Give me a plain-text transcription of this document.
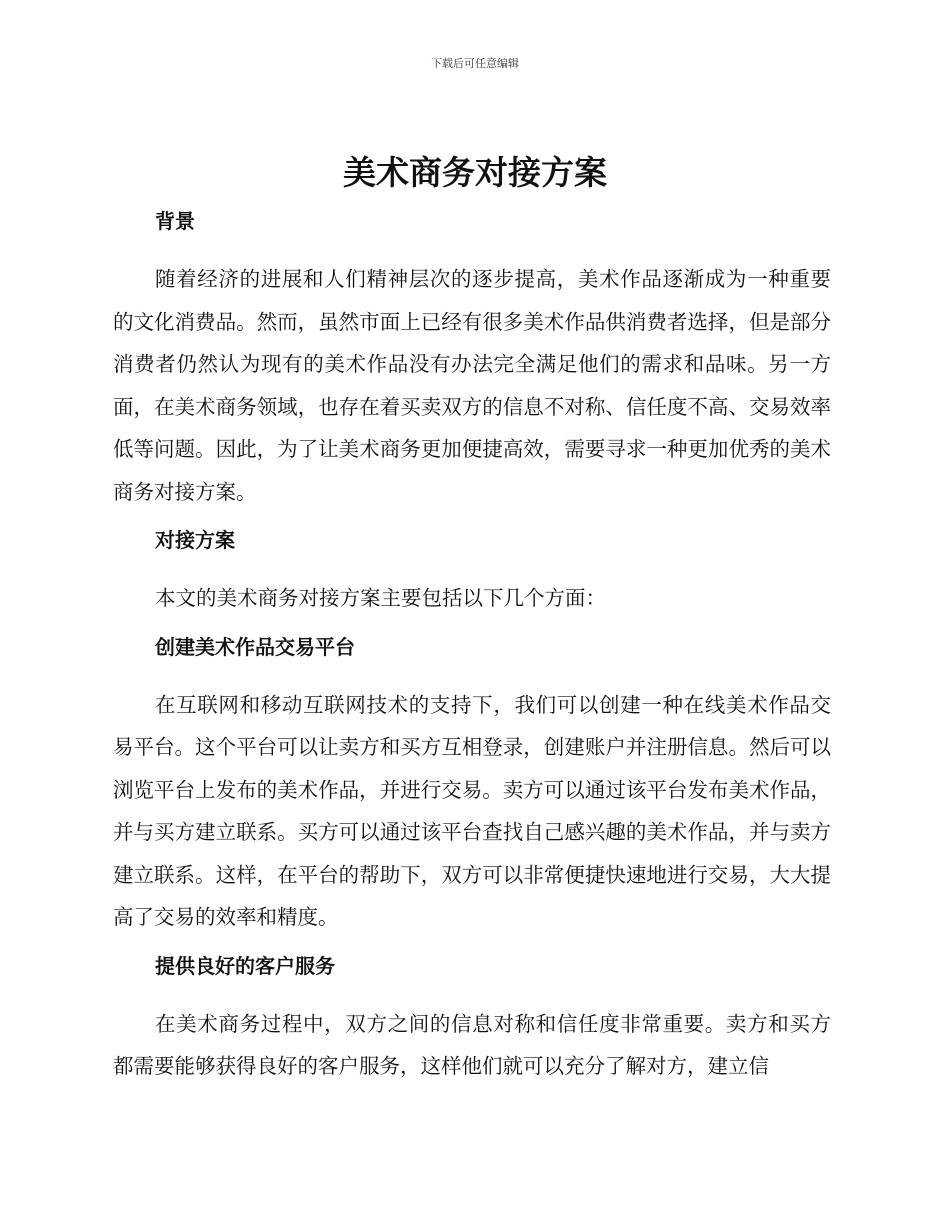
下载后可任意编辑
美术商务对接方案
背景

随着经济的进展和人们精神层次的逐步提高，美术作品逐渐成为一种重要的文化消费品。然而，虽然市面上已经有很多美术作品供消费者选择，但是部分消费者仍然认为现有的美术作品没有办法完全满足他们的需求和品味。另一方面，在美术商务领域，也存在着买卖双方的信息不对称、信任度不高、交易效率低等问题。因此，为了让美术商务更加便捷高效，需要寻求一种更加优秀的美术商务对接方案。

对接方案

本文的美术商务对接方案主要包括以下几个方面：

创建美术作品交易平台

在互联网和移动互联网技术的支持下，我们可以创建一种在线美术作品交易平台。这个平台可以让卖方和买方互相登录，创建账户并注册信息。然后可以浏览平台上发布的美术作品，并进行交易。卖方可以通过该平台发布美术作品，并与买方建立联系。买方可以通过该平台查找自己感兴趣的美术作品，并与卖方建立联系。这样，在平台的帮助下，双方可以非常便捷快速地进行交易，大大提高了交易的效率和精度。

提供良好的客户服务

在美术商务过程中，双方之间的信息对称和信任度非常重要。卖方和买方都需要能够获得良好的客户服务，这样他们就可以充分了解对方，建立信
